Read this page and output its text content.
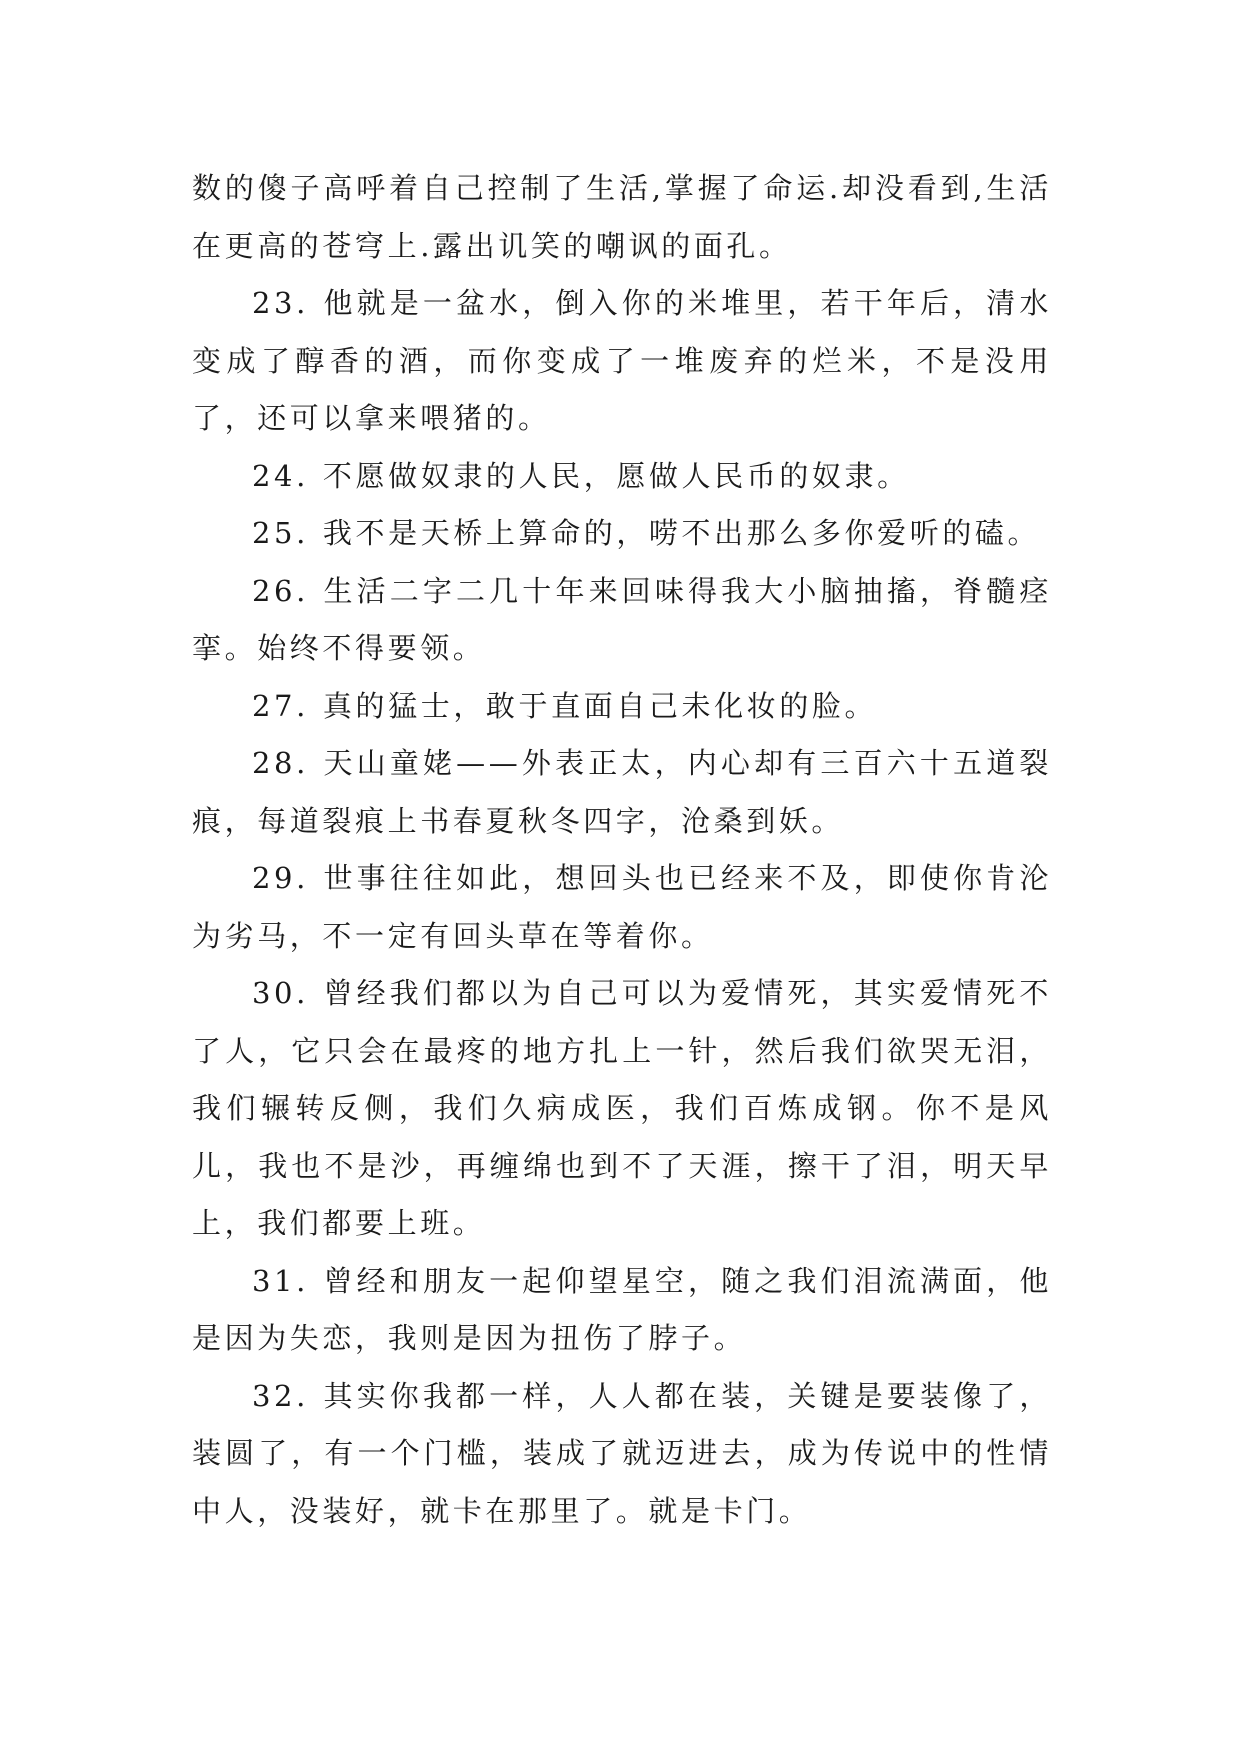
数的傻子高呼着自己控制了生活,掌握了命运.却没看到,生活在更高的苍穹上.露出讥笑的嘲讽的面孔。

23. 他就是一盆水，倒入你的米堆里，若干年后，清水变成了醇香的酒，而你变成了一堆废弃的烂米，不是没用了，还可以拿来喂猪的。

24. 不愿做奴隶的人民，愿做人民币的奴隶。

25. 我不是天桥上算命的，唠不出那么多你爱听的磕。

26. 生活二字二几十年来回味得我大小脑抽搐，脊髓痉挛。始终不得要领。

27. 真的猛士，敢于直面自己未化妆的脸。

28. 天山童姥——外表正太，内心却有三百六十五道裂痕，每道裂痕上书春夏秋冬四字，沧桑到妖。

29. 世事往往如此，想回头也已经来不及，即使你肯沦为劣马，不一定有回头草在等着你。

30. 曾经我们都以为自己可以为爱情死，其实爱情死不了人，它只会在最疼的地方扎上一针，然后我们欲哭无泪，我们辗转反侧，我们久病成医，我们百炼成钢。你不是风儿，我也不是沙，再缠绵也到不了天涯，擦干了泪，明天早上，我们都要上班。

31. 曾经和朋友一起仰望星空，随之我们泪流满面，他是因为失恋，我则是因为扭伤了脖子。

32. 其实你我都一样，人人都在装，关键是要装像了，装圆了，有一个门槛，装成了就迈进去，成为传说中的性情中人，没装好，就卡在那里了。就是卡门。
